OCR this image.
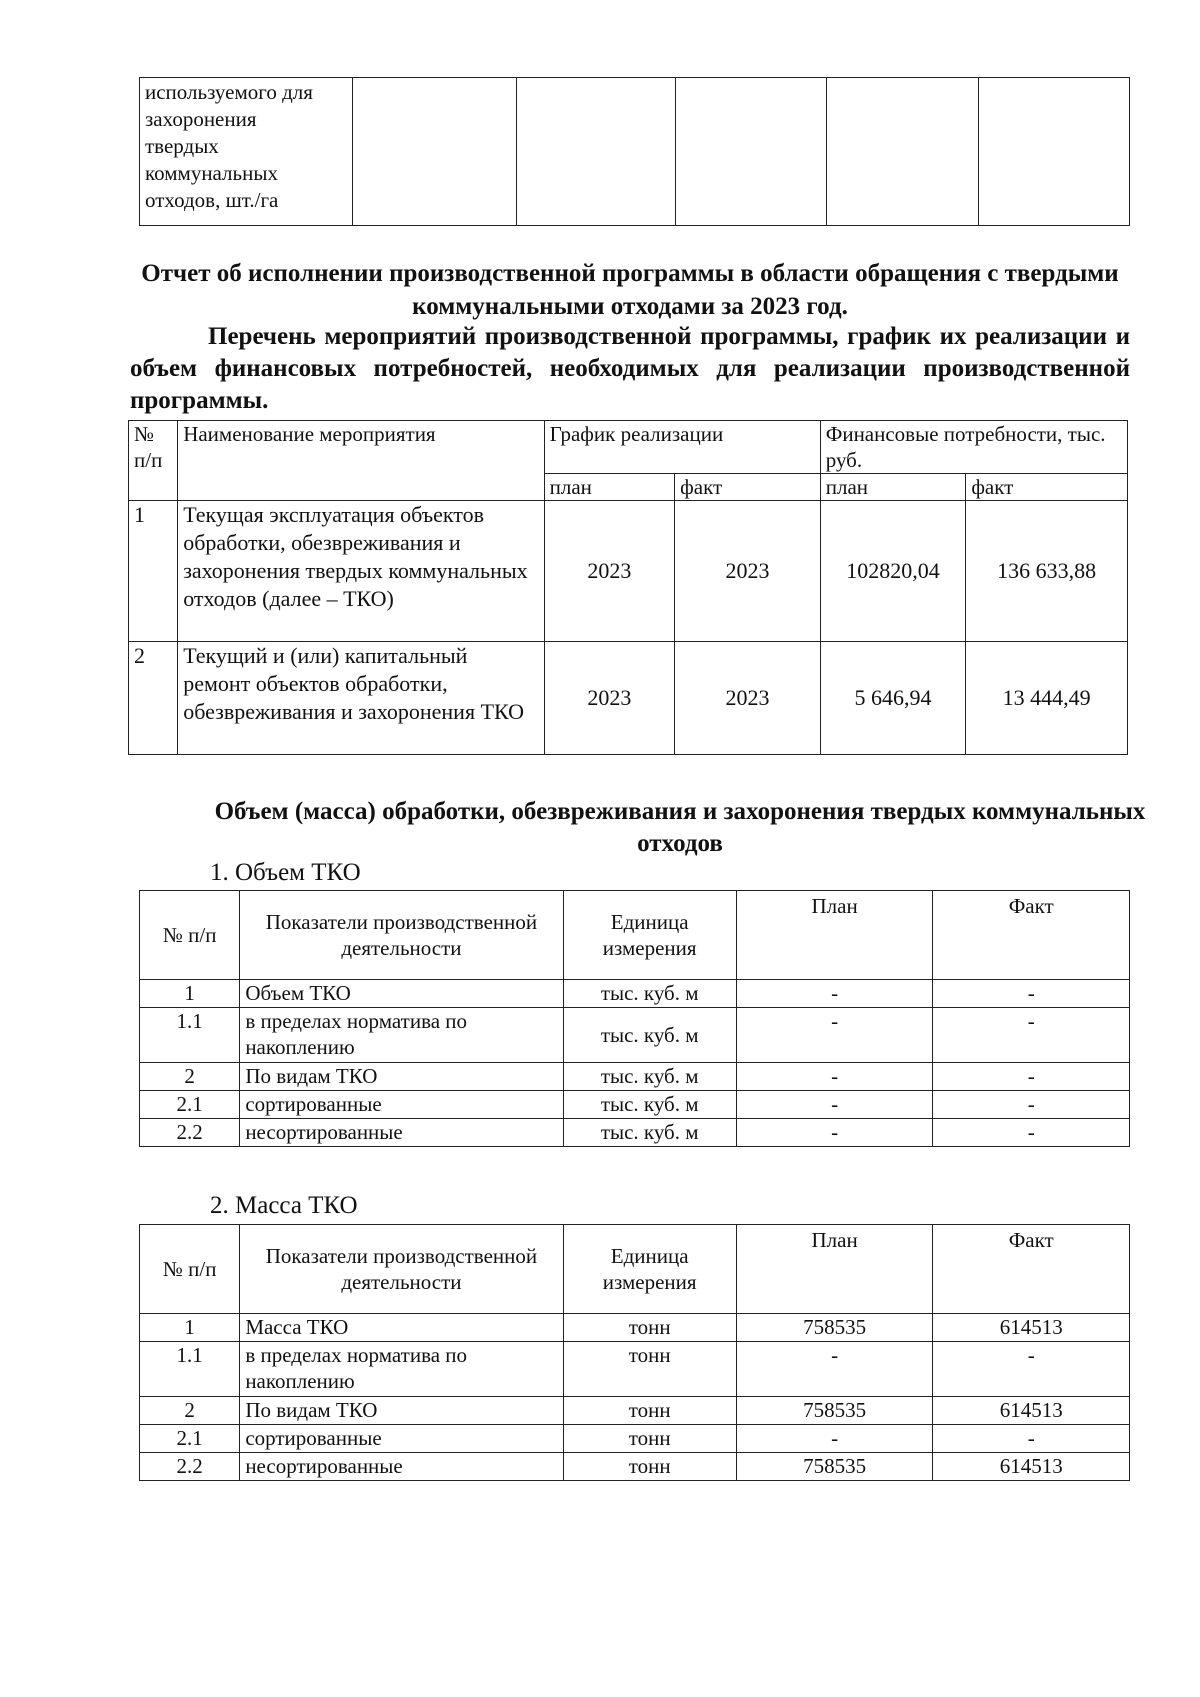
используемого для
захоронения
твердых
коммунальных
отходов, шт./га

Отчет об исполнении производственной программы в области обращения с твердыми коммунальными отходами за 2023 год.
Перечень мероприятий производственной программы, график их реализации и объем финансовых потребностей, необходимых для реализации производственной программы.
№ п/п	Наименование мероприятия	График реализации		Финансовые потребности, тыс. руб.	
		план	факт	план	факт
1	Текущая эксплуатация объектов обработки, обезвреживания и захоронения твердых коммунальных отходов (далее – ТКО)	2023	2023	102820,04	136 633,88
2	Текущий и (или) капитальный ремонт объектов обработки, обезвреживания и захоронения ТКО	2023	2023	5 646,94	13 444,49
Объем (масса) обработки, обезвреживания и захоронения твердых коммунальных отходов
1. Объем ТКО
№ п/п	Показатели производственной деятельности	Единица измерения	План	Факт
1	Объем ТКО	тыс. куб. м	-	-
1.1	в пределах норматива по накоплению	тыс. куб. м	-	-
2	По видам ТКО	тыс. куб. м	-	-
2.1	сортированные	тыс. куб. м	-	-
2.2	несортированные	тыс. куб. м	-	-
2. Масса ТКО
№ п/п	Показатели производственной деятельности	Единица измерения	План	Факт
1	Масса ТКО	тонн	758535	614513
1.1	в пределах норматива по накоплению	тонн	-	-
2	По видам ТКО	тонн	758535	614513
2.1	сортированные	тонн	-	-
2.2	несортированные	тонн	758535	614513
